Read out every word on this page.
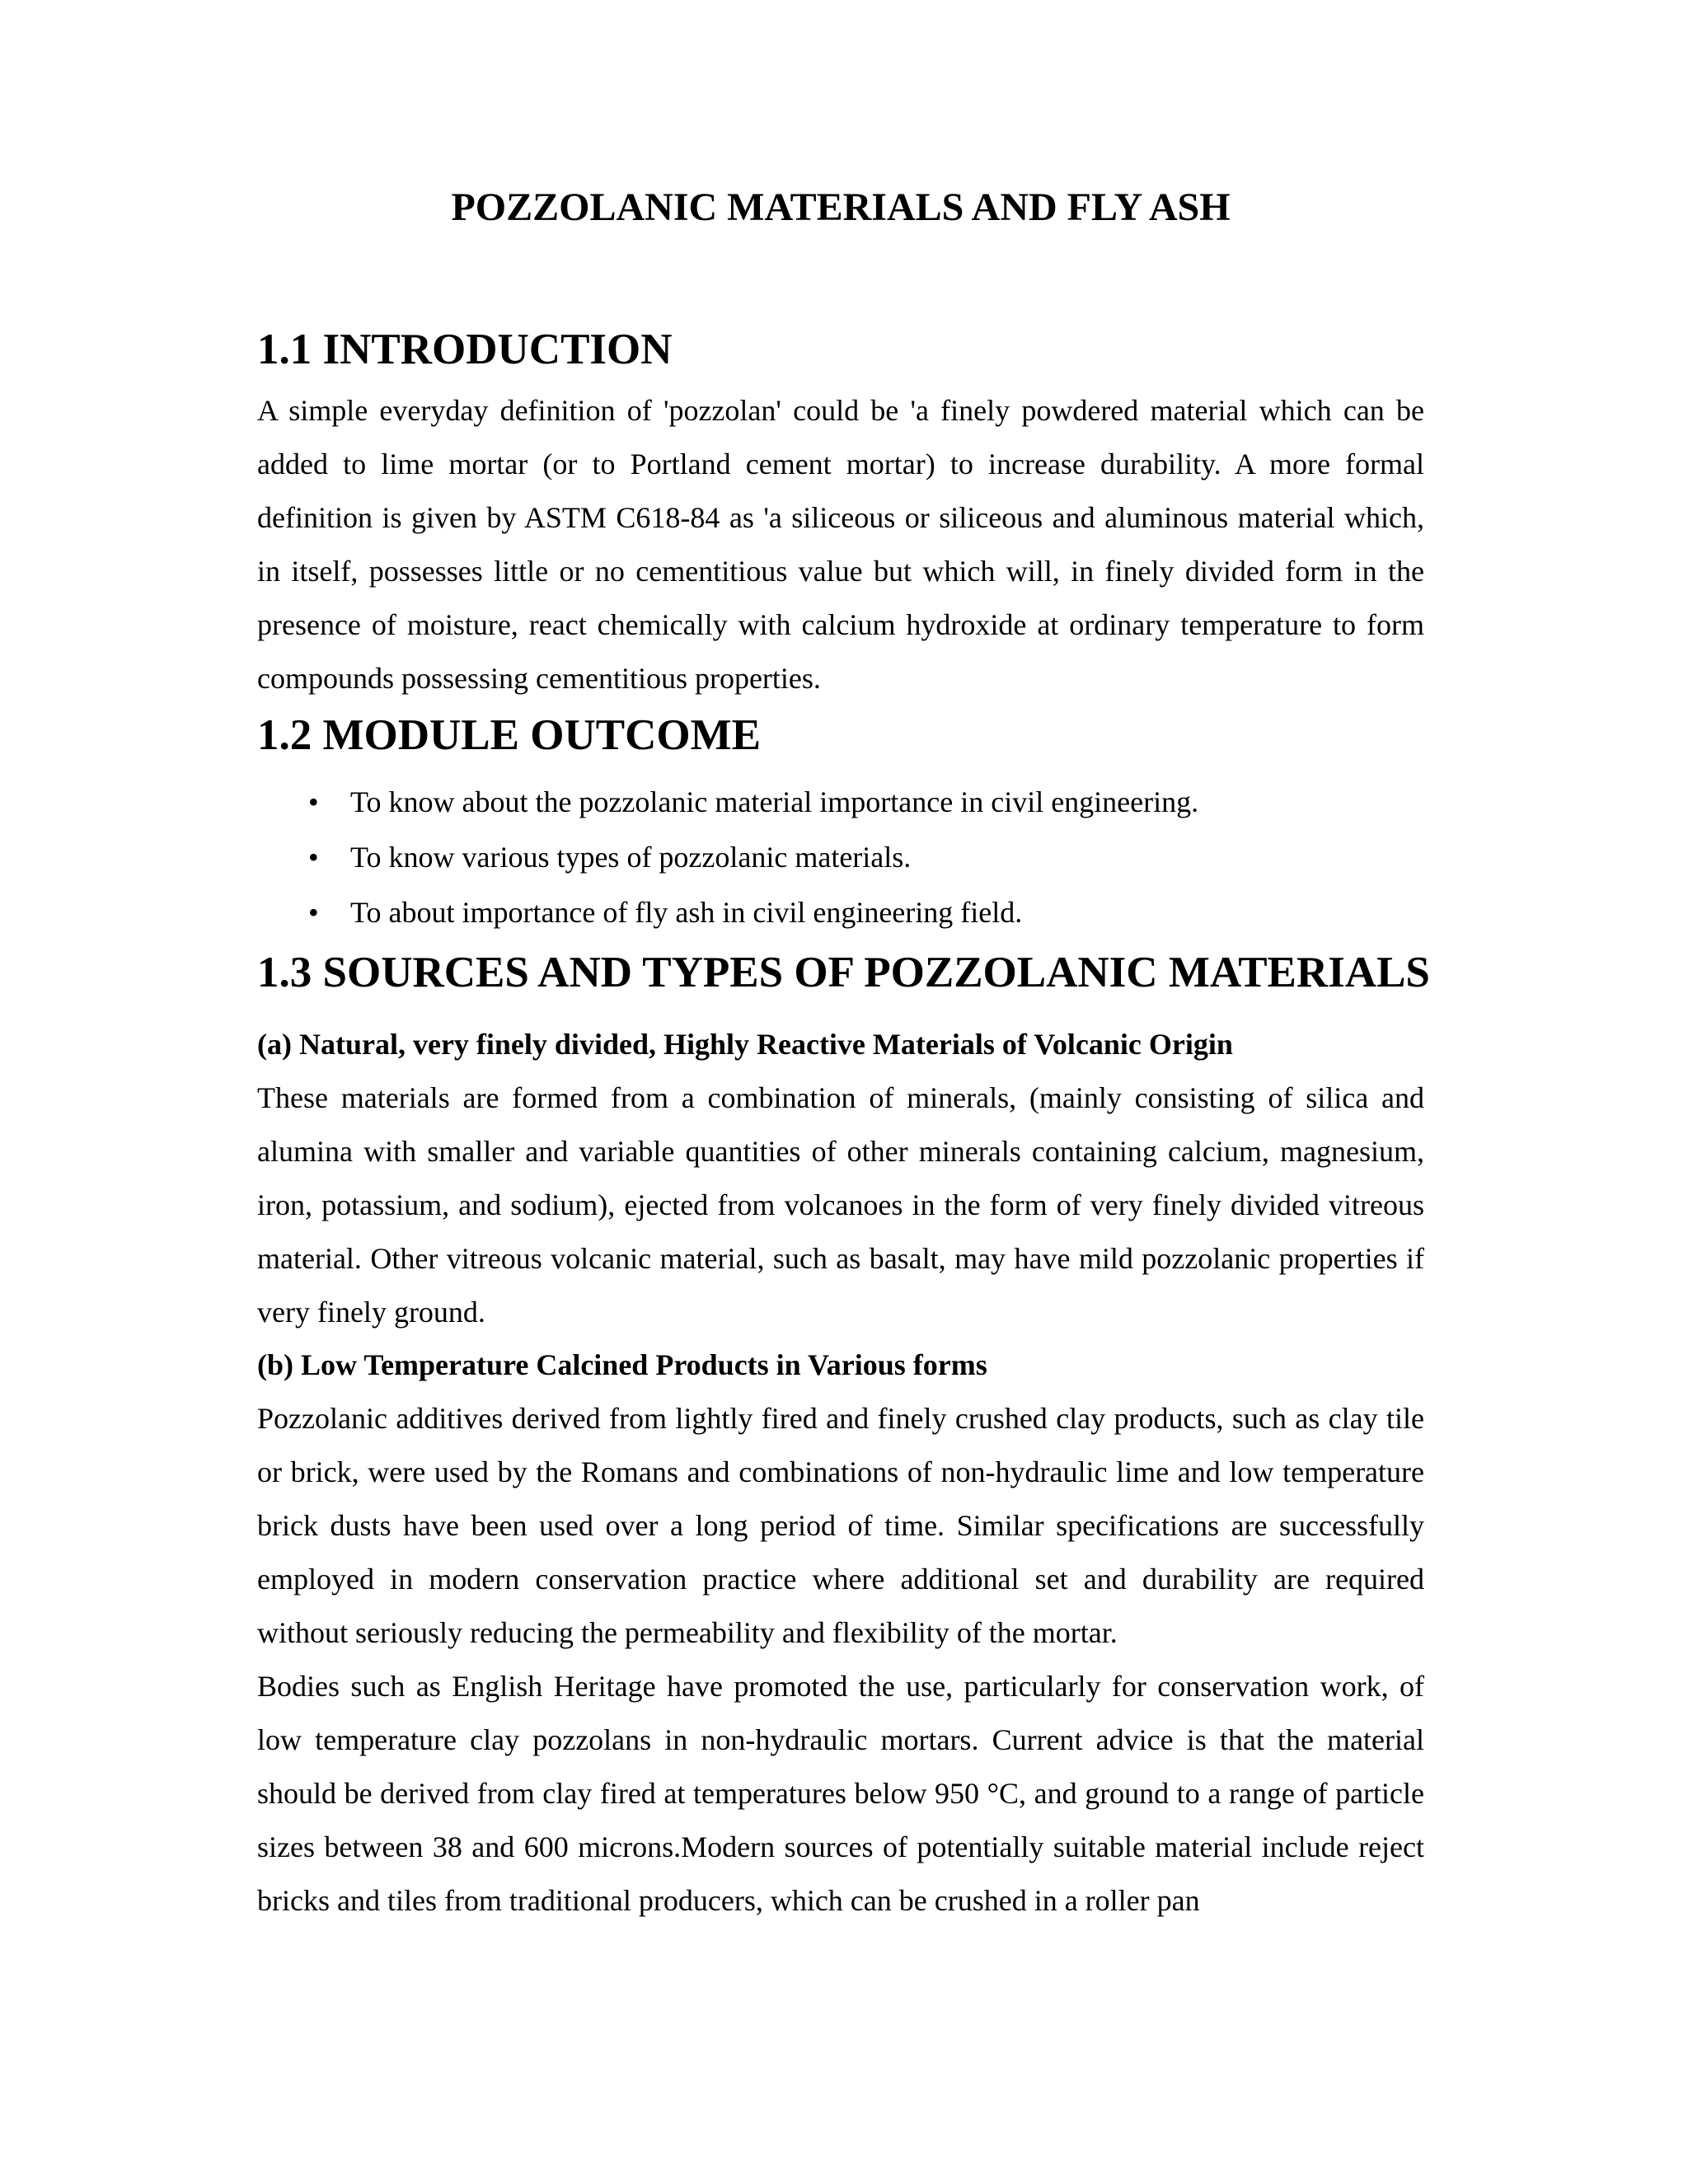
POZZOLANIC MATERIALS AND FLY ASH
1.1 INTRODUCTION

A simple everyday definition of 'pozzolan' could be 'a finely powdered material which can be added to lime mortar (or to Portland cement mortar) to increase durability. A more formal definition is given by ASTM C618-84 as 'a siliceous or siliceous and aluminous material which, in itself, possesses little or no cementitious value but which will, in finely divided form in the presence of moisture, react chemically with calcium hydroxide at ordinary temperature to form compounds possessing cementitious properties.

1.2 MODULE OUTCOME
• To know about the pozzolanic material importance in civil engineering.
• To know various types of pozzolanic materials.
• To about importance of fly ash in civil engineering field.
1.3 SOURCES AND TYPES OF POZZOLANIC MATERIALS
(a) Natural, very finely divided, Highly Reactive Materials of Volcanic Origin

These materials are formed from a combination of minerals, (mainly consisting of silica and alumina with smaller and variable quantities of other minerals containing calcium, magnesium, iron, potassium, and sodium), ejected from volcanoes in the form of very finely divided vitreous material. Other vitreous volcanic material, such as basalt, may have mild pozzolanic properties if very finely ground.

(b) Low Temperature Calcined Products in Various forms

Pozzolanic additives derived from lightly fired and finely crushed clay products, such as clay tile or brick, were used by the Romans and combinations of non-hydraulic lime and low temperature brick dusts have been used over a long period of time. Similar specifications are successfully employed in modern conservation practice where additional set and durability are required without seriously reducing the permeability and flexibility of the mortar.

Bodies such as English Heritage have promoted the use, particularly for conservation work, of low temperature clay pozzolans in non-hydraulic mortars. Current advice is that the material should be derived from clay fired at temperatures below 950 °C, and ground to a range of particle sizes between 38 and 600 microns.Modern sources of potentially suitable material include reject bricks and tiles from traditional producers, which can be crushed in a roller pan
